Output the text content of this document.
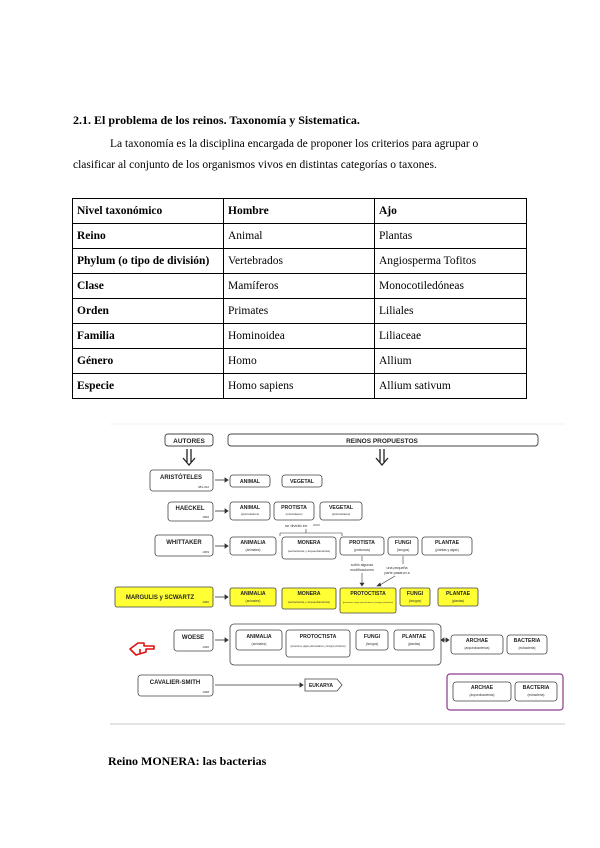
2.1. El problema de los reinos. Taxonomía y Sistematica.
La taxonomía es la disciplina encargada de proponer los criterios para agrupar o clasificar al conjunto de los organismos vivos en distintas categorías o taxones.
Nivel taxonómico	Hombre	Ajo
Reino	Animal	Plantas
Phylum (o tipo de división)	Vertebrados	Angiosperma Tofitos
Clase	Mamíferos	Monocotiledóneas
Orden	Primates	Liliales
Familia	Hominoidea	Liliaceae
Género	Homo	Allium
Especie	Homo sapiens	Allium sativum
AUTORES	REINOS PROPUESTOS
ARISTÓTELES
384-322
HAECKEL
1866
WHITTAKER
1969
MARGULIS y SCWARTZ
1982
WOESE
1990
CAVALIER-SMITH
1998
ANIMAL	VEGETAL
ANIMAL
(pluricelulares)
PROTISTA
(unicelulares)
VEGETAL
(pluricelulares)
se dividió en
ANIMALIA
(animales)
MONERA
(eubacterias y arqueobacterias)
PROTISTA
(protozoos)
FUNGI
(hongos)
PLANTAE
(plantas y algas)
sufrió algunas
modificaciones	una pequeña
parte pasaron a
ANIMALIA
(animales)
MONERA
(eubacterias y arqueobacterias)
PROTOCTISTA
(protozoos, algas pluricelulares y hongos primitivos)
FUNGI
(hongos)
PLANTAE
(plantas)
ANIMALIA
(animales)
PROTOCTISTA
(protozoos, algas pluricelulares y hongos primitivos)
FUNGI
(hongos)
PLANTAE
(plantas)	ARCHAE
(arqueobacterias)
BACTERIA
(eubacteria)
EUKARYA	ARCHAE
(arqueobacterias)
BACTERIA
(eubacteria)
Reino MONERA: las bacterias
